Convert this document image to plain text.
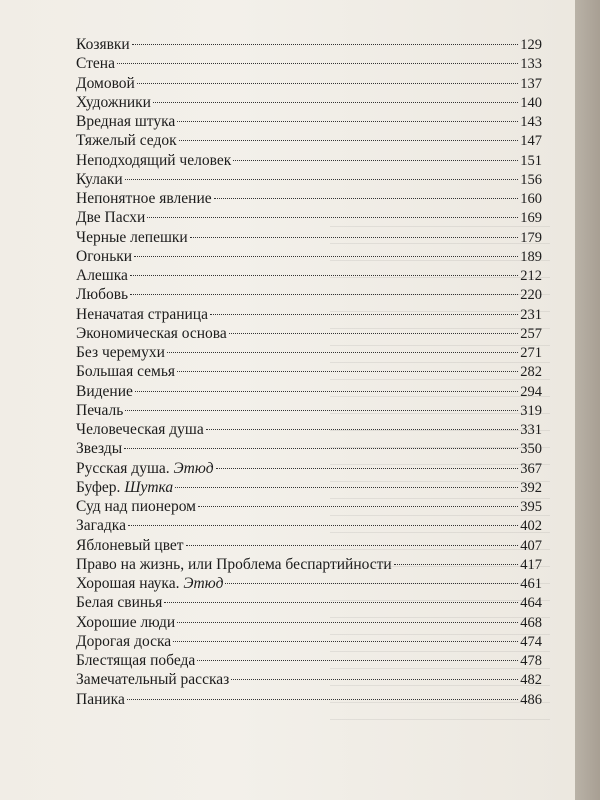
Козявки	129
Стена	133
Домовой	137
Художники	140
Вредная штука	143
Тяжелый седок	147
Неподходящий человек	151
Кулаки	156
Непонятное явление	160
Две Пасхи	169
Черные лепешки	179
Огоньки	189
Алешка	212
Любовь	220
Неначатая страница	231
Экономическая основа	257
Без черемухи	271
Большая семья	282
Видение	294
Печаль	319
Человеческая душа	331
Звезды	350
Русская душа. Этюд	367
Буфер. Шутка	392
Суд над пионером	395
Загадка	402
Яблоневый цвет	407
Право на жизнь, или Проблема беспартийности	417
Хорошая наука. Этюд	461
Белая свинья	464
Хорошие люди	468
Дорогая доска	474
Блестящая победа	478
Замечательный рассказ	482
Паника	486
